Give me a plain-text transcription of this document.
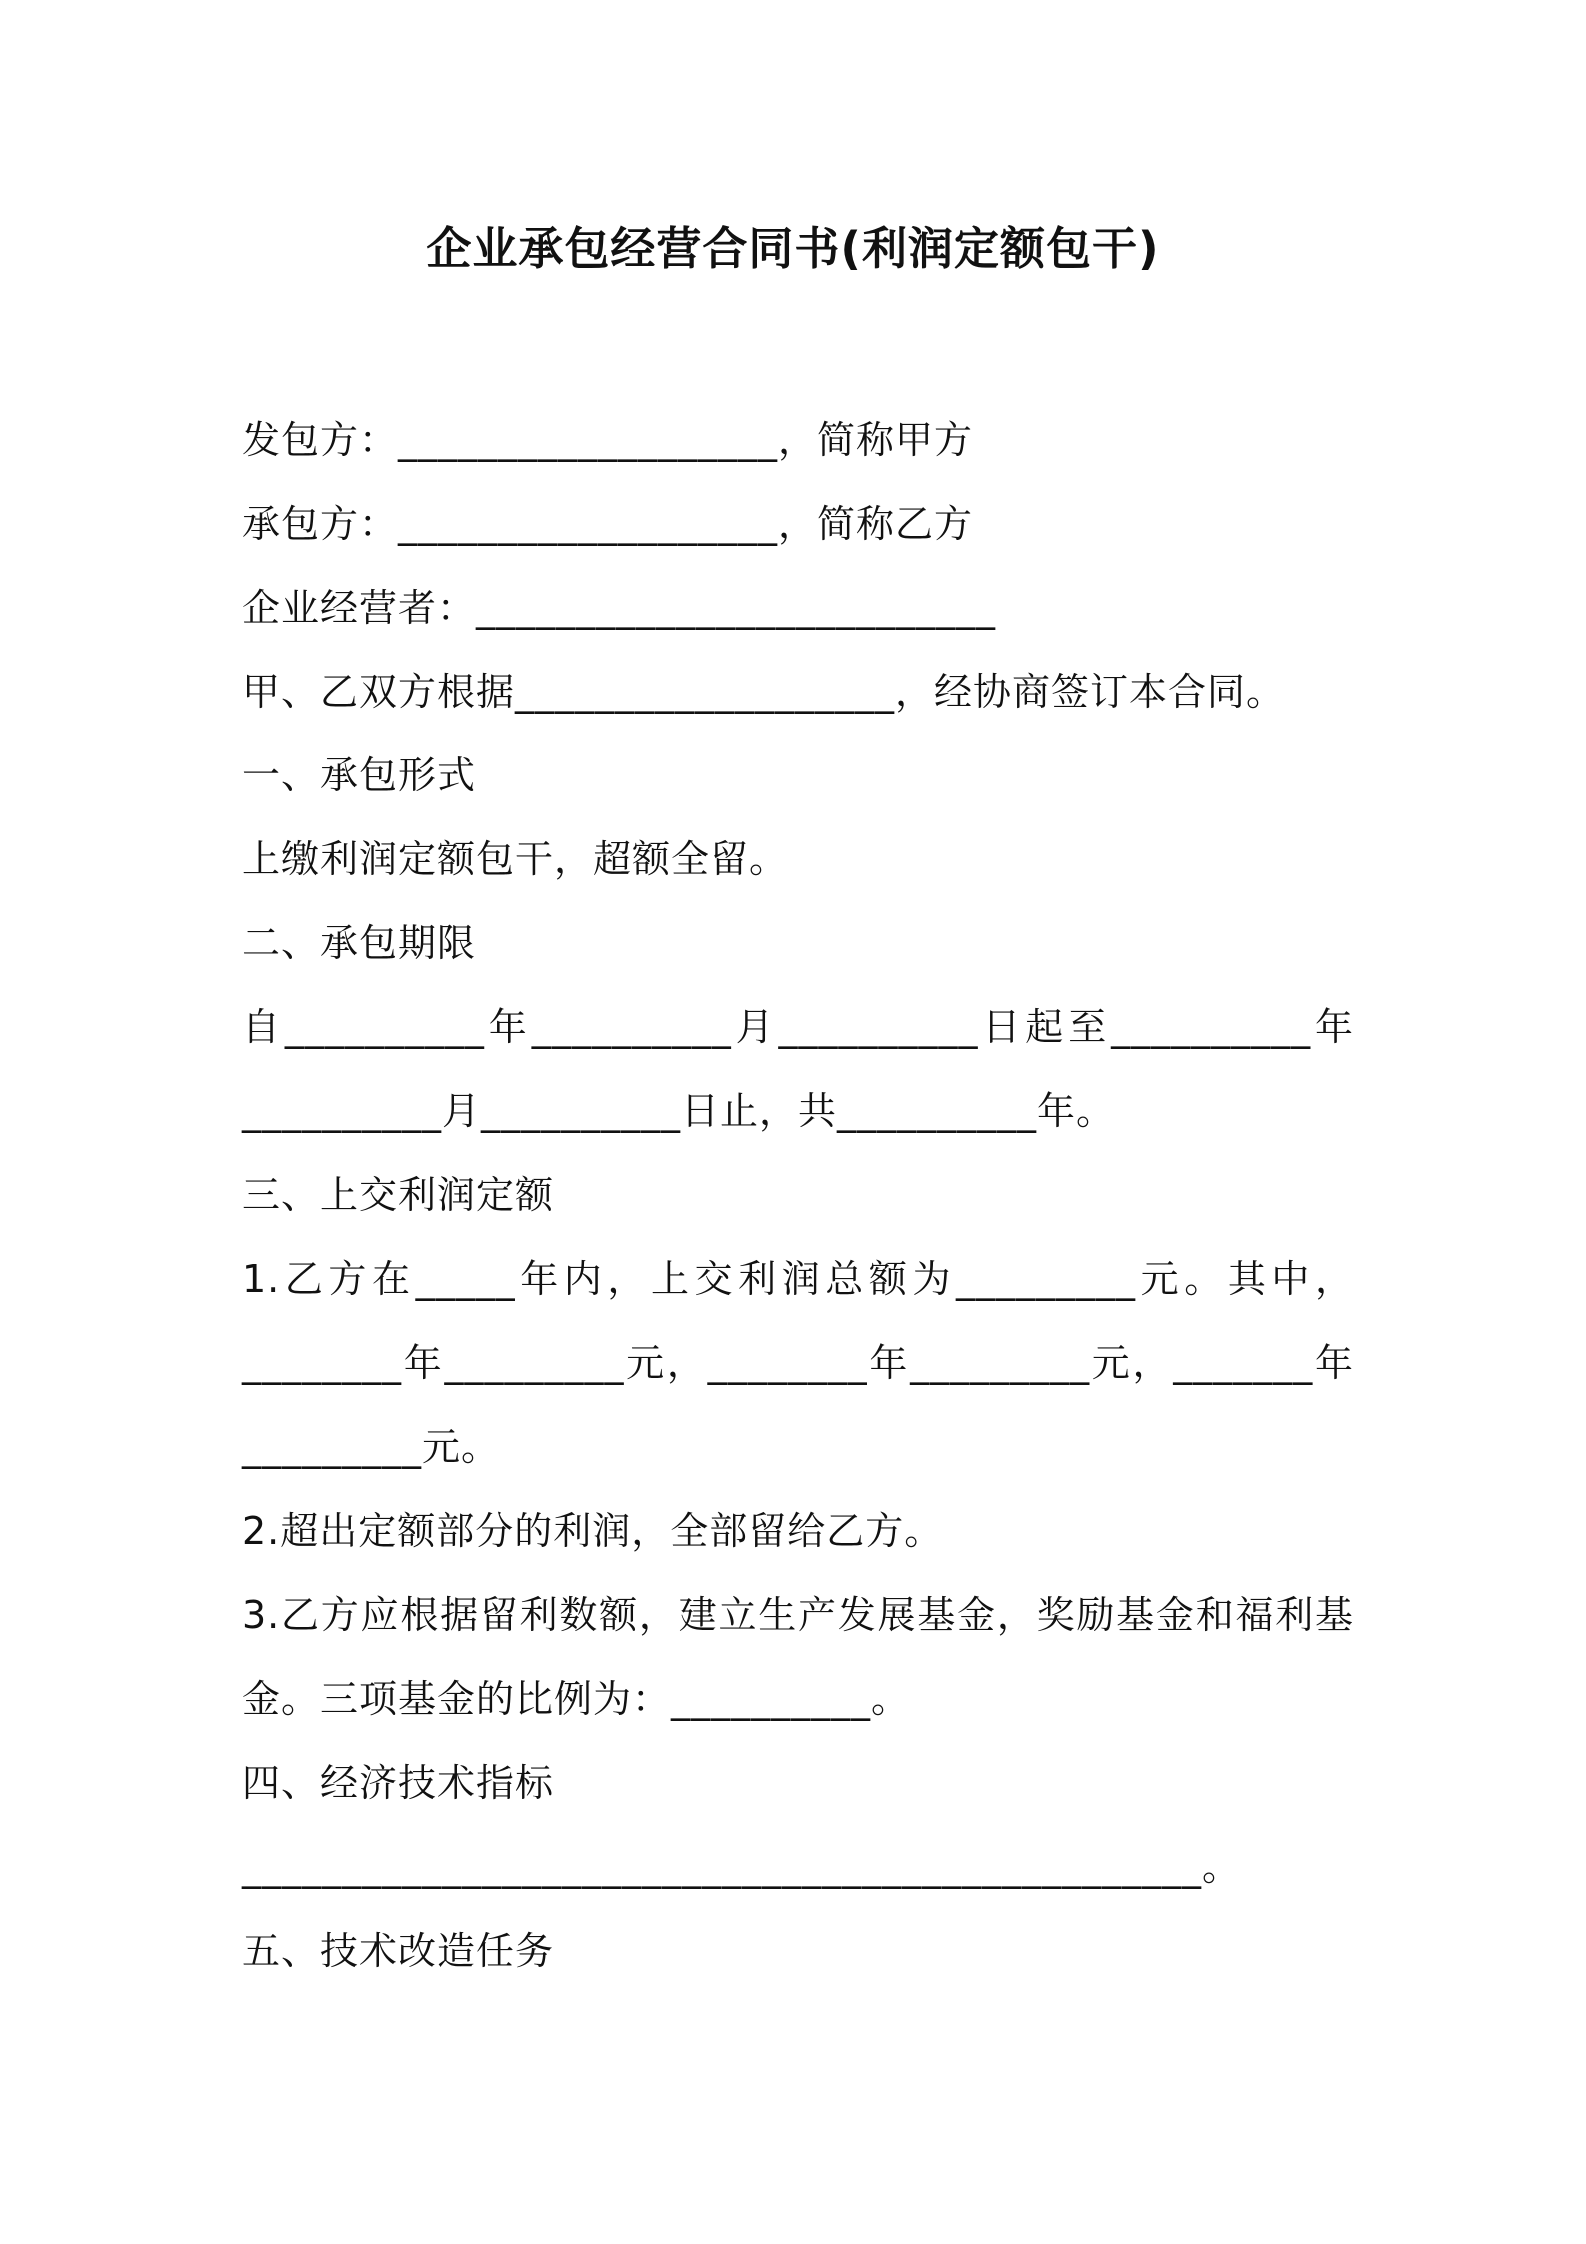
企业承包经营合同书(利润定额包干)
发包方：___________________，简称甲方
承包方：___________________，简称乙方
企业经营者：__________________________
甲、乙双方根据___________________，经协商签订本合同。
一、承包形式
上缴利润定额包干，超额全留。
二、承包期限
自__________年__________月__________日起至__________年
__________月__________日止，共__________年。
三、上交利润定额
1.乙方在_____年内，上交利润总额为_________元。其中，
________年_________元，________年_________元，_______年
_________元。
2.超出定额部分的利润，全部留给乙方。
3.乙方应根据留利数额，建立生产发展基金，奖励基金和福利基
金。三项基金的比例为：__________。
四、经济技术指标
________________________________________________。
五、技术改造任务
